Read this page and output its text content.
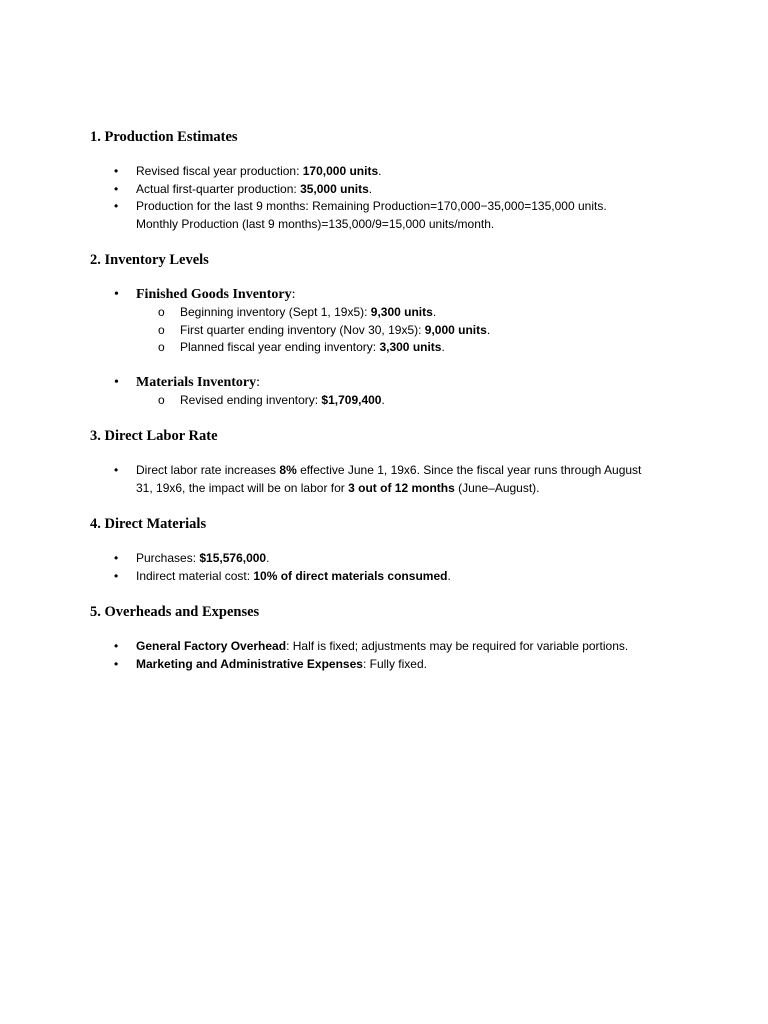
1. Production Estimates
• Revised fiscal year production: 170,000 units.
• Actual first-quarter production: 35,000 units.
• Production for the last 9 months: Remaining Production=170,000−35,000=135,000 units.
Monthly Production (last 9 months)=135,000/9=15,000 units/month.
2. Inventory Levels
• Finished Goods Inventory:
o Beginning inventory (Sept 1, 19x5): 9,300 units.
o First quarter ending inventory (Nov 30, 19x5): 9,000 units.
o Planned fiscal year ending inventory: 3,300 units.
• Materials Inventory:
o Revised ending inventory: $1,709,400.
3. Direct Labor Rate
• Direct labor rate increases 8% effective June 1, 19x6. Since the fiscal year runs through August
31, 19x6, the impact will be on labor for 3 out of 12 months (June–August).
4. Direct Materials
• Purchases: $15,576,000.
• Indirect material cost: 10% of direct materials consumed.
5. Overheads and Expenses
• General Factory Overhead: Half is fixed; adjustments may be required for variable portions.
• Marketing and Administrative Expenses: Fully fixed.
